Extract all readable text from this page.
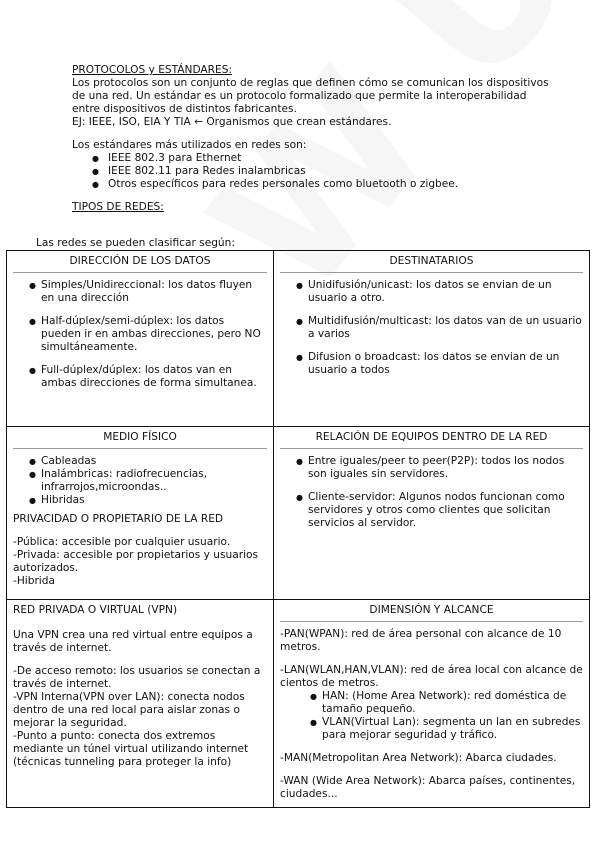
PROTOCOLOS y ESTÁNDARES:

Los protocolos son un conjunto de reglas que definen cómo se comunican los dispositivos de una red. Un estándar es un protocolo formalizado que permite la interoperabilidad entre dispositivos de distintos fabricantes.

EJ: IEEE, ISO, EIA Y TIA ← Organismos que crean estándares.

Los estándares más utilizados en redes son:

● IEEE 802.3 para Ethernet
● IEEE 802.11 para Redes inalambricas
● Otros específicos para redes personales como bluetooth o zigbee.

TIPOS DE REDES:

Las redes se pueden clasificar según:
DIRECCIÓN DE LOS DATOS
● Simples/Unidireccional: los datos fluyen en una dirección
● Half-dúplex/semi-dúplex: los datos pueden ir en ambas direcciones, pero NO simultáneamente.
● Full-dúplex/dúplex: los datos van en ambas direcciones de forma simultanea.
DESTINATARIOS
● Unidifusión/unicast: los datos se envian de un usuario a otro.
● Multidifusión/multicast: los datos van de un usuario a varios
● Difusion o broadcast: los datos se envian de un usuario a todos
MEDIO FÍSICO
● Cableadas
● Inalámbricas: radiofrecuencias, infrarrojos,microondas..
● Hibridas
PRIVACIDAD O PROPIETARIO DE LA RED

-Pública: accesible por cualquier usuario.

-Privada: accesible por propietarios y usuarios autorizados.

-Hibrida

RELACIÓN DE EQUIPOS DENTRO DE LA RED
● Entre iguales/peer to peer(P2P): todos los nodos son iguales sin servidores.
● Cliente-servidor: Algunos nodos funcionan como servidores y otros como clientes que solicitan servicios al servidor.
RED PRIVADA O VIRTUAL (VPN)

Una VPN crea una red virtual entre equipos a través de internet.

-De acceso remoto: los usuarios se conectan a través de internet.

-VPN Interna(VPN over LAN): conecta nodos dentro de una red local para aislar zonas o mejorar la seguridad.

-Punto a punto: conecta dos extremos mediante un túnel virtual utilizando internet (técnicas tunneling para proteger la info)

DIMENSIÓN Y ALCANCE

-PAN(WPAN): red de área personal con alcance de 10 metros.

-LAN(WLAN,HAN,VLAN): red de área local con alcance de cientos de metros.

● HAN: (Home Area Network): red doméstica de tamaño pequeño.
● VLAN(Virtual Lan): segmenta un lan en subredes para mejorar seguridad y tráfico.

-MAN(Metropolitan Area Network): Abarca ciudades.

-WAN (Wide Area Network): Abarca países, continentes, ciudades...
